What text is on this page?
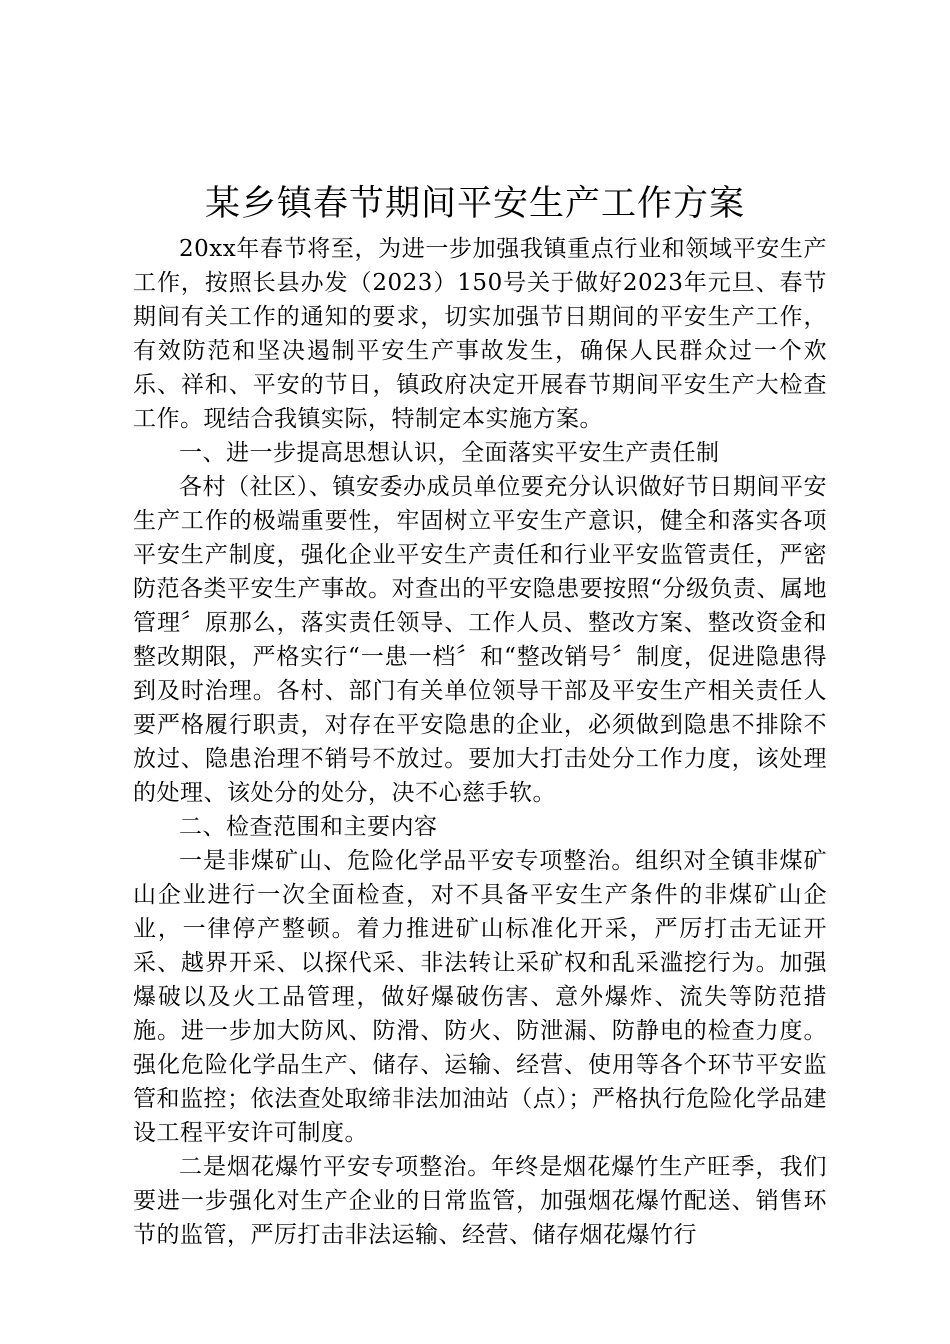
某乡镇春节期间平安生产工作方案

20xx年春节将至，为进一步加强我镇重点行业和领域平安生产工作，按照长县办发（2023）150号关于做好2023年元旦、春节期间有关工作的通知的要求，切实加强节日期间的平安生产工作，有效防范和坚决遏制平安生产事故发生，确保人民群众过一个欢乐、祥和、平安的节日，镇政府决定开展春节期间平安生产大检查工作。现结合我镇实际，特制定本实施方案。

一、进一步提高思想认识，全面落实平安生产责任制

各村（社区）、镇安委办成员单位要充分认识做好节日期间平安生产工作的极端重要性，牢固树立平安生产意识，健全和落实各项平安生产制度，强化企业平安生产责任和行业平安监管责任，严密防范各类平安生产事故。对查出的平安隐患要按照“分级负责、属地管理〞原那么，落实责任领导、工作人员、整改方案、整改资金和整改期限，严格实行“一患一档〞和“整改销号〞制度，促进隐患得到及时治理。各村、部门有关单位领导干部及平安生产相关责任人要严格履行职责，对存在平安隐患的企业，必须做到隐患不排除不放过、隐患治理不销号不放过。要加大打击处分工作力度，该处理的处理、该处分的处分，决不心慈手软。

二、检查范围和主要内容

一是非煤矿山、危险化学品平安专项整治。组织对全镇非煤矿山企业进行一次全面检查，对不具备平安生产条件的非煤矿山企业，一律停产整顿。着力推进矿山标准化开采，严厉打击无证开采、越界开采、以探代采、非法转让采矿权和乱采滥挖行为。加强爆破以及火工品管理，做好爆破伤害、意外爆炸、流失等防范措施。进一步加大防风、防滑、防火、防泄漏、防静电的检查力度。强化危险化学品生产、储存、运输、经营、使用等各个环节平安监管和监控；依法查处取缔非法加油站（点）；严格执行危险化学品建设工程平安许可制度。

二是烟花爆竹平安专项整治。年终是烟花爆竹生产旺季，我们要进一步强化对生产企业的日常监管，加强烟花爆竹配送、销售环节的监管，严厉打击非法运输、经营、储存烟花爆竹行
